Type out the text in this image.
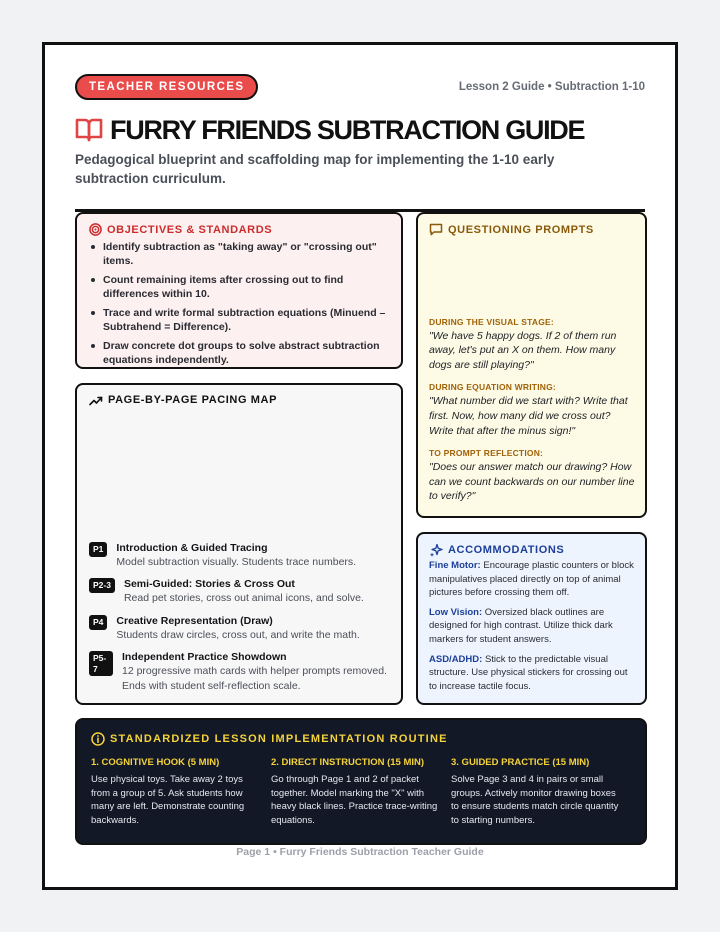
TEACHER RESOURCES	Lesson 2 Guide • Subtraction 1-10
FURRY FRIENDS SUBTRACTION GUIDE
Pedagogical blueprint and scaffolding map for implementing the 1-10 early subtraction curriculum.
OBJECTIVES & STANDARDS
Identify subtraction as "taking away" or "crossing out" items.
Count remaining items after crossing out to find differences within 10.
Trace and write formal subtraction equations (Minuend – Subtrahend = Difference).
Draw concrete dot groups to solve abstract subtraction equations independently.
QUESTIONING PROMPTS
DURING THE VISUAL STAGE:
"We have 5 happy dogs. If 2 of them run away, let's put an X on them. How many dogs are still playing?"
DURING EQUATION WRITING:
"What number did we start with? Write that first. Now, how many did we cross out? Write that after the minus sign!"
TO PROMPT REFLECTION:
"Does our answer match our drawing? How can we count backwards on our number line to verify?"
PAGE-BY-PAGE PACING MAP
P1	Introduction & Guided Tracing
Model subtraction visually. Students trace numbers.
P2-3	Semi-Guided: Stories & Cross Out
Read pet stories, cross out animal icons, and solve.
P4	Creative Representation (Draw)
Students draw circles, cross out, and write the math.
P5-7
Independent Practice Showdown
12 progressive math cards with helper prompts removed. Ends with student self-reflection scale.
ACCOMMODATIONS

Fine Motor: Encourage plastic counters or block manipulatives placed directly on top of animal pictures before crossing them off.

Low Vision: Oversized black outlines are designed for high contrast. Utilize thick dark markers for student answers.

ASD/ADHD: Stick to the predictable visual structure. Use physical stickers for crossing out to increase tactile focus.

STANDARDIZED LESSON IMPLEMENTATION ROUTINE
1. COGNITIVE HOOK (5 MIN)
Use physical toys. Take away 2 toys from a group of 5. Ask students how many are left. Demonstrate counting backwards.
2. DIRECT INSTRUCTION (15 MIN)
Go through Page 1 and 2 of packet together. Model marking the "X" with heavy black lines. Practice trace-writing equations.
3. GUIDED PRACTICE (15 MIN)
Solve Page 3 and 4 in pairs or small groups. Actively monitor drawing boxes to ensure students match circle quantity to starting numbers.
Page 1 • Furry Friends Subtraction Teacher Guide
